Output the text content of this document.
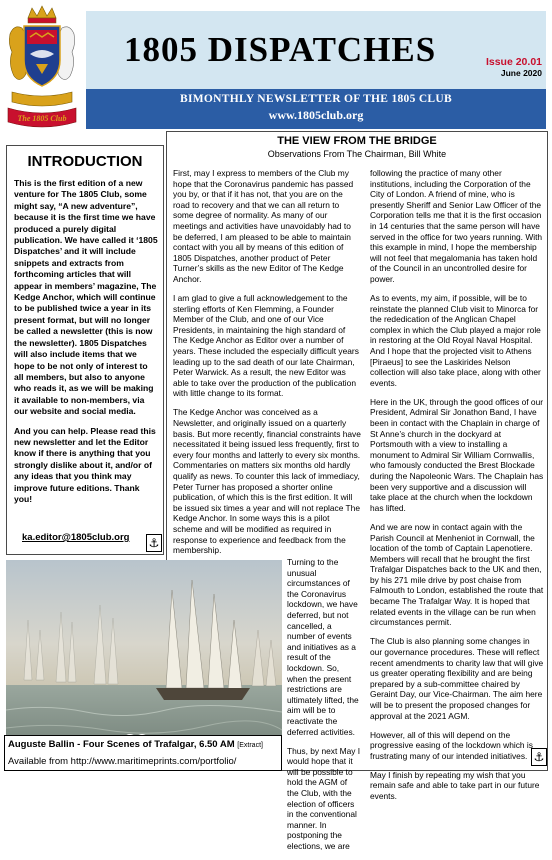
The 1805 Club
1805 DISPATCHES	Issue 20.01
June 2020
BIMONTHLY NEWSLETTER OF THE 1805 CLUB
www.1805club.org
INTRODUCTION

This is the first edition of a new venture for The 1805 Club, some might say, “A new adventure”, because it is the first time we have produced a purely digital publication. We have called it ‘1805 Dispatches’ and it will include snippets and extracts from forthcoming articles that will appear in members’ magazine, The Kedge Anchor, which will continue to be published twice a year in its present format, but will no longer be called a newsletter (this is now the newsletter). 1805 Dispatches will also include items that we hope to be not only of interest to all members, but also to anyone who reads it, as we will be making it available to non-members, via our website and social media.

And you can help. Please read this new newsletter and let the Editor know if there is anything that you strongly dislike about it, and/or of any ideas that you think may improve future editions. Thank you!

ka.editor@1805club.org ⚓
THE VIEW FROM THE BRIDGE
Observations From The Chairman, Bill White

First, may I express to members of the Club my hope that the Coronavirus pandemic has passed you by, or that if it has not, that you are on the road to recovery and that we can all return to some degree of normality. As many of our meetings and activities have unavoidably had to be deferred, I am pleased to be able to maintain contact with you all by means of this edition of 1805 Dispatches, another product of Peter Turner’s skills as the new Editor of The Kedge Anchor.

I am glad to give a full acknowledgement to the sterling efforts of Ken Flemming, a Founder Member of the Club, and one of our Vice Presidents, in maintaining the high standard of The Kedge Anchor as Editor over a number of years. These included the especially difficult years leading up to the sad death of our late Chairman, Peter Warwick. As a result, the new Editor was able to take over the production of the publication with little change to its format.

The Kedge Anchor was conceived as a Newsletter, and originally issued on a quarterly basis. But more recently, financial constraints have necessitated it being issued less frequently, first to every four months and latterly to every six months. Commentaries on matters six months old hardly qualify as news. To counter this lack of immediacy, Peter Turner has proposed a shorter online publication, of which this is the first edition. It will be issued six times a year and will not replace The Kedge Anchor. In some ways this is a pilot scheme and will be modified as required in response to experience and feedback from the membership.

Turning to the unusual circumstances of the Coronavirus lockdown, we have deferred, but not cancelled, a number of events and initiatives as a result of the lockdown. So, when the present restrictions are ultimately lifted, the aim will be to reactivate the deferred activities.

Thus, by next May I would hope that it will be possible to hold the AGM of the Club, with the election of officers in the conventional manner. In postponing the elections, we are

following the practice of many other institutions, including the Corporation of the City of London. A friend of mine, who is presently Sheriff and Senior Law Officer of the Corporation tells me that it is the first occasion in 14 centuries that the same person will have served in the office for two years running. With this example in mind, I hope the membership will not feel that megalomania has taken hold of the Council in an uncontrolled desire for power.

As to events, my aim, if possible, will be to reinstate the planned Club visit to Minorca for the rededication of the Anglican Chapel complex in which the Club played a major role in restoring at the Old Royal Naval Hospital. And I hope that the projected visit to Athens [Piraeus] to see the Laskirides Nelson collection will also take place, along with other events.

Here in the UK, through the good offices of our President, Admiral Sir Jonathon Band, I have been in contact with the Chaplain in charge of St Anne’s church in the dockyard at Portsmouth with a view to installing a monument to Admiral Sir William Cornwallis, who famously conducted the Brest Blockade during the Napoleonic Wars. The Chaplain has been very supportive and a discussion will take place at the church when the lockdown has lifted.

And we are now in contact again with the Parish Council at Menheniot in Cornwall, the location of the tomb of Captain Lapenotiere. Members will recall that he brought the first Trafalgar Dispatches back to the UK and then, by his 271 mile drive by post chaise from Falmouth to London, established the route that became The Trafalgar Way. It is hoped that related events in the village can be run when circumstances permit.

The Club is also planning some changes in our governance procedures. These will reflect recent amendments to charity law that will give us greater operating flexibility and are being prepared by a sub-committee chaired by Geraint Day, our Vice-Chairman. The aim here will be to present the proposed changes for approval at the 2021 AGM.

However, all of this will depend on the progressive easing of the lockdown which is frustrating many of our intended initiatives.

May I finish by repeating my wish that you remain safe and able to take part in our future events.

⚓
Auguste Ballin - Four Scenes of Trafalgar, 6.50 AM [Extract]
Available from http://www.maritimeprints.com/portfolio/
